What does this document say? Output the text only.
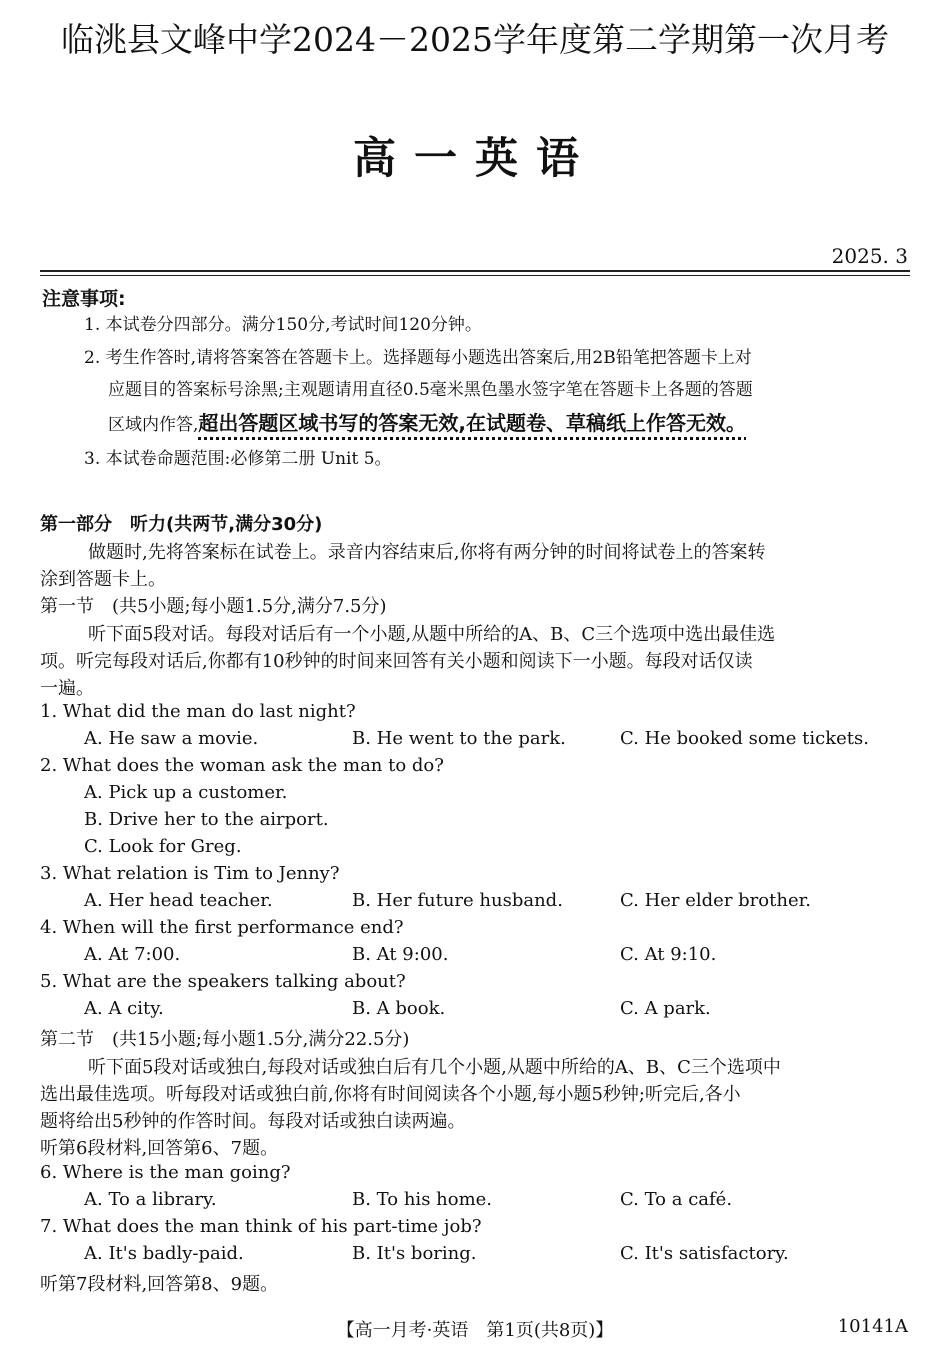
临洮县文峰中学2024－2025学年度第二学期第一次月考
高一英语
2025. 3
注意事项:
1. 本试卷分四部分。满分150分,考试时间120分钟。
2. 考生作答时,请将答案答在答题卡上。选择题每小题选出答案后,用2B铅笔把答题卡上对
应题目的答案标号涂黑;主观题请用直径0.5毫米黑色墨水签字笔在答题卡上各题的答题
区域内作答,超出答题区域书写的答案无效,在试题卷、草稿纸上作答无效。
3. 本试卷命题范围:必修第二册 Unit 5。
第一部分　听力(共两节,满分30分)
做题时,先将答案标在试卷上。录音内容结束后,你将有两分钟的时间将试卷上的答案转
涂到答题卡上。
第一节　(共5小题;每小题1.5分,满分7.5分)
听下面5段对话。每段对话后有一个小题,从题中所给的A、B、C三个选项中选出最佳选
项。听完每段对话后,你都有10秒钟的时间来回答有关小题和阅读下一小题。每段对话仅读
一遍。
1. What did the man do last night?
A. He saw a movie.	B. He went to the park.	C. He booked some tickets.
2. What does the woman ask the man to do?
A. Pick up a customer.
B. Drive her to the airport.
C. Look for Greg.
3. What relation is Tim to Jenny?
A. Her head teacher.	B. Her future husband.	C. Her elder brother.
4. When will the first performance end?
A. At 7:00.	B. At 9:00.	C. At 9:10.
5. What are the speakers talking about?
A. A city.	B. A book.	C. A park.
第二节　(共15小题;每小题1.5分,满分22.5分)
听下面5段对话或独白,每段对话或独白后有几个小题,从题中所给的A、B、C三个选项中
选出最佳选项。听每段对话或独白前,你将有时间阅读各个小题,每小题5秒钟;听完后,各小
题将给出5秒钟的作答时间。每段对话或独白读两遍。
听第6段材料,回答第6、7题。
6. Where is the man going?
A. To a library.	B. To his home.	C. To a café.
7. What does the man think of his part-time job?
A. It's badly-paid.	B. It's boring.	C. It's satisfactory.
听第7段材料,回答第8、9题。
【高一月考·英语　第1页(共8页)】	10141A
